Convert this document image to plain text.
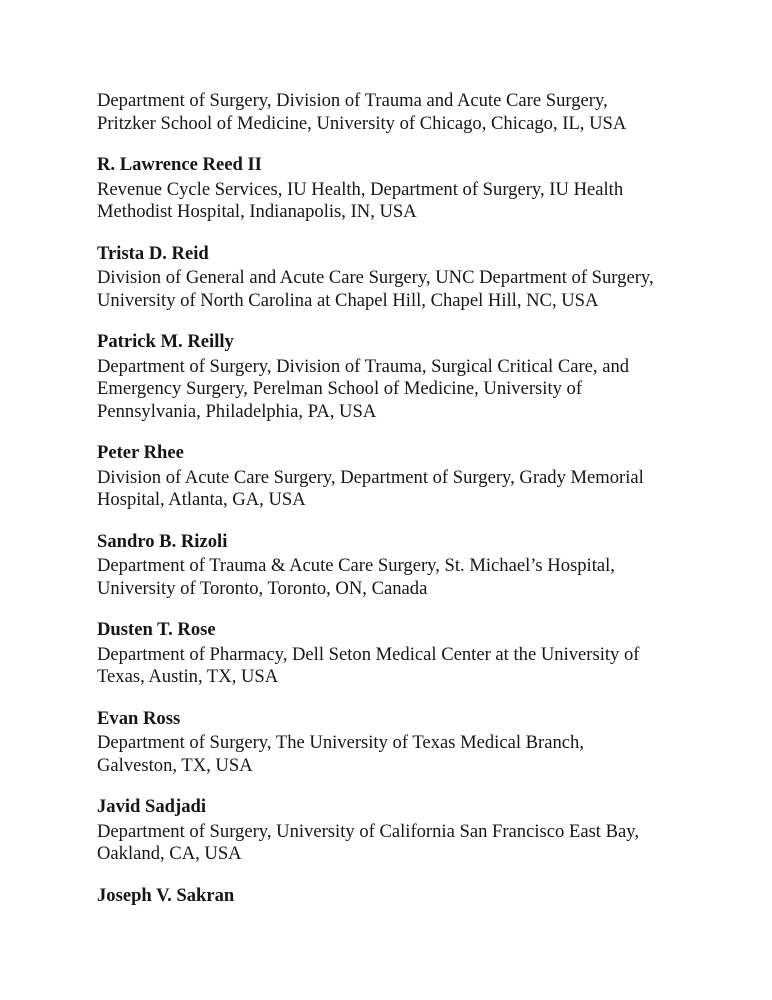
Department of Surgery, Division of Trauma and Acute Care Surgery,
Pritzker School of Medicine, University of Chicago, Chicago, IL, USA
R. Lawrence Reed II
Revenue Cycle Services, IU Health, Department of Surgery, IU Health
Methodist Hospital, Indianapolis, IN, USA
Trista D. Reid
Division of General and Acute Care Surgery, UNC Department of Surgery,
University of North Carolina at Chapel Hill, Chapel Hill, NC, USA
Patrick M. Reilly
Department of Surgery, Division of Trauma, Surgical Critical Care, and
Emergency Surgery, Perelman School of Medicine, University of
Pennsylvania, Philadelphia, PA, USA
Peter Rhee
Division of Acute Care Surgery, Department of Surgery, Grady Memorial
Hospital, Atlanta, GA, USA
Sandro B. Rizoli
Department of Trauma & Acute Care Surgery, St. Michael’s Hospital,
University of Toronto, Toronto, ON, Canada
Dusten T. Rose
Department of Pharmacy, Dell Seton Medical Center at the University of
Texas, Austin, TX, USA
Evan Ross
Department of Surgery, The University of Texas Medical Branch,
Galveston, TX, USA
Javid Sadjadi
Department of Surgery, University of California San Francisco East Bay,
Oakland, CA, USA
Joseph V. Sakran
